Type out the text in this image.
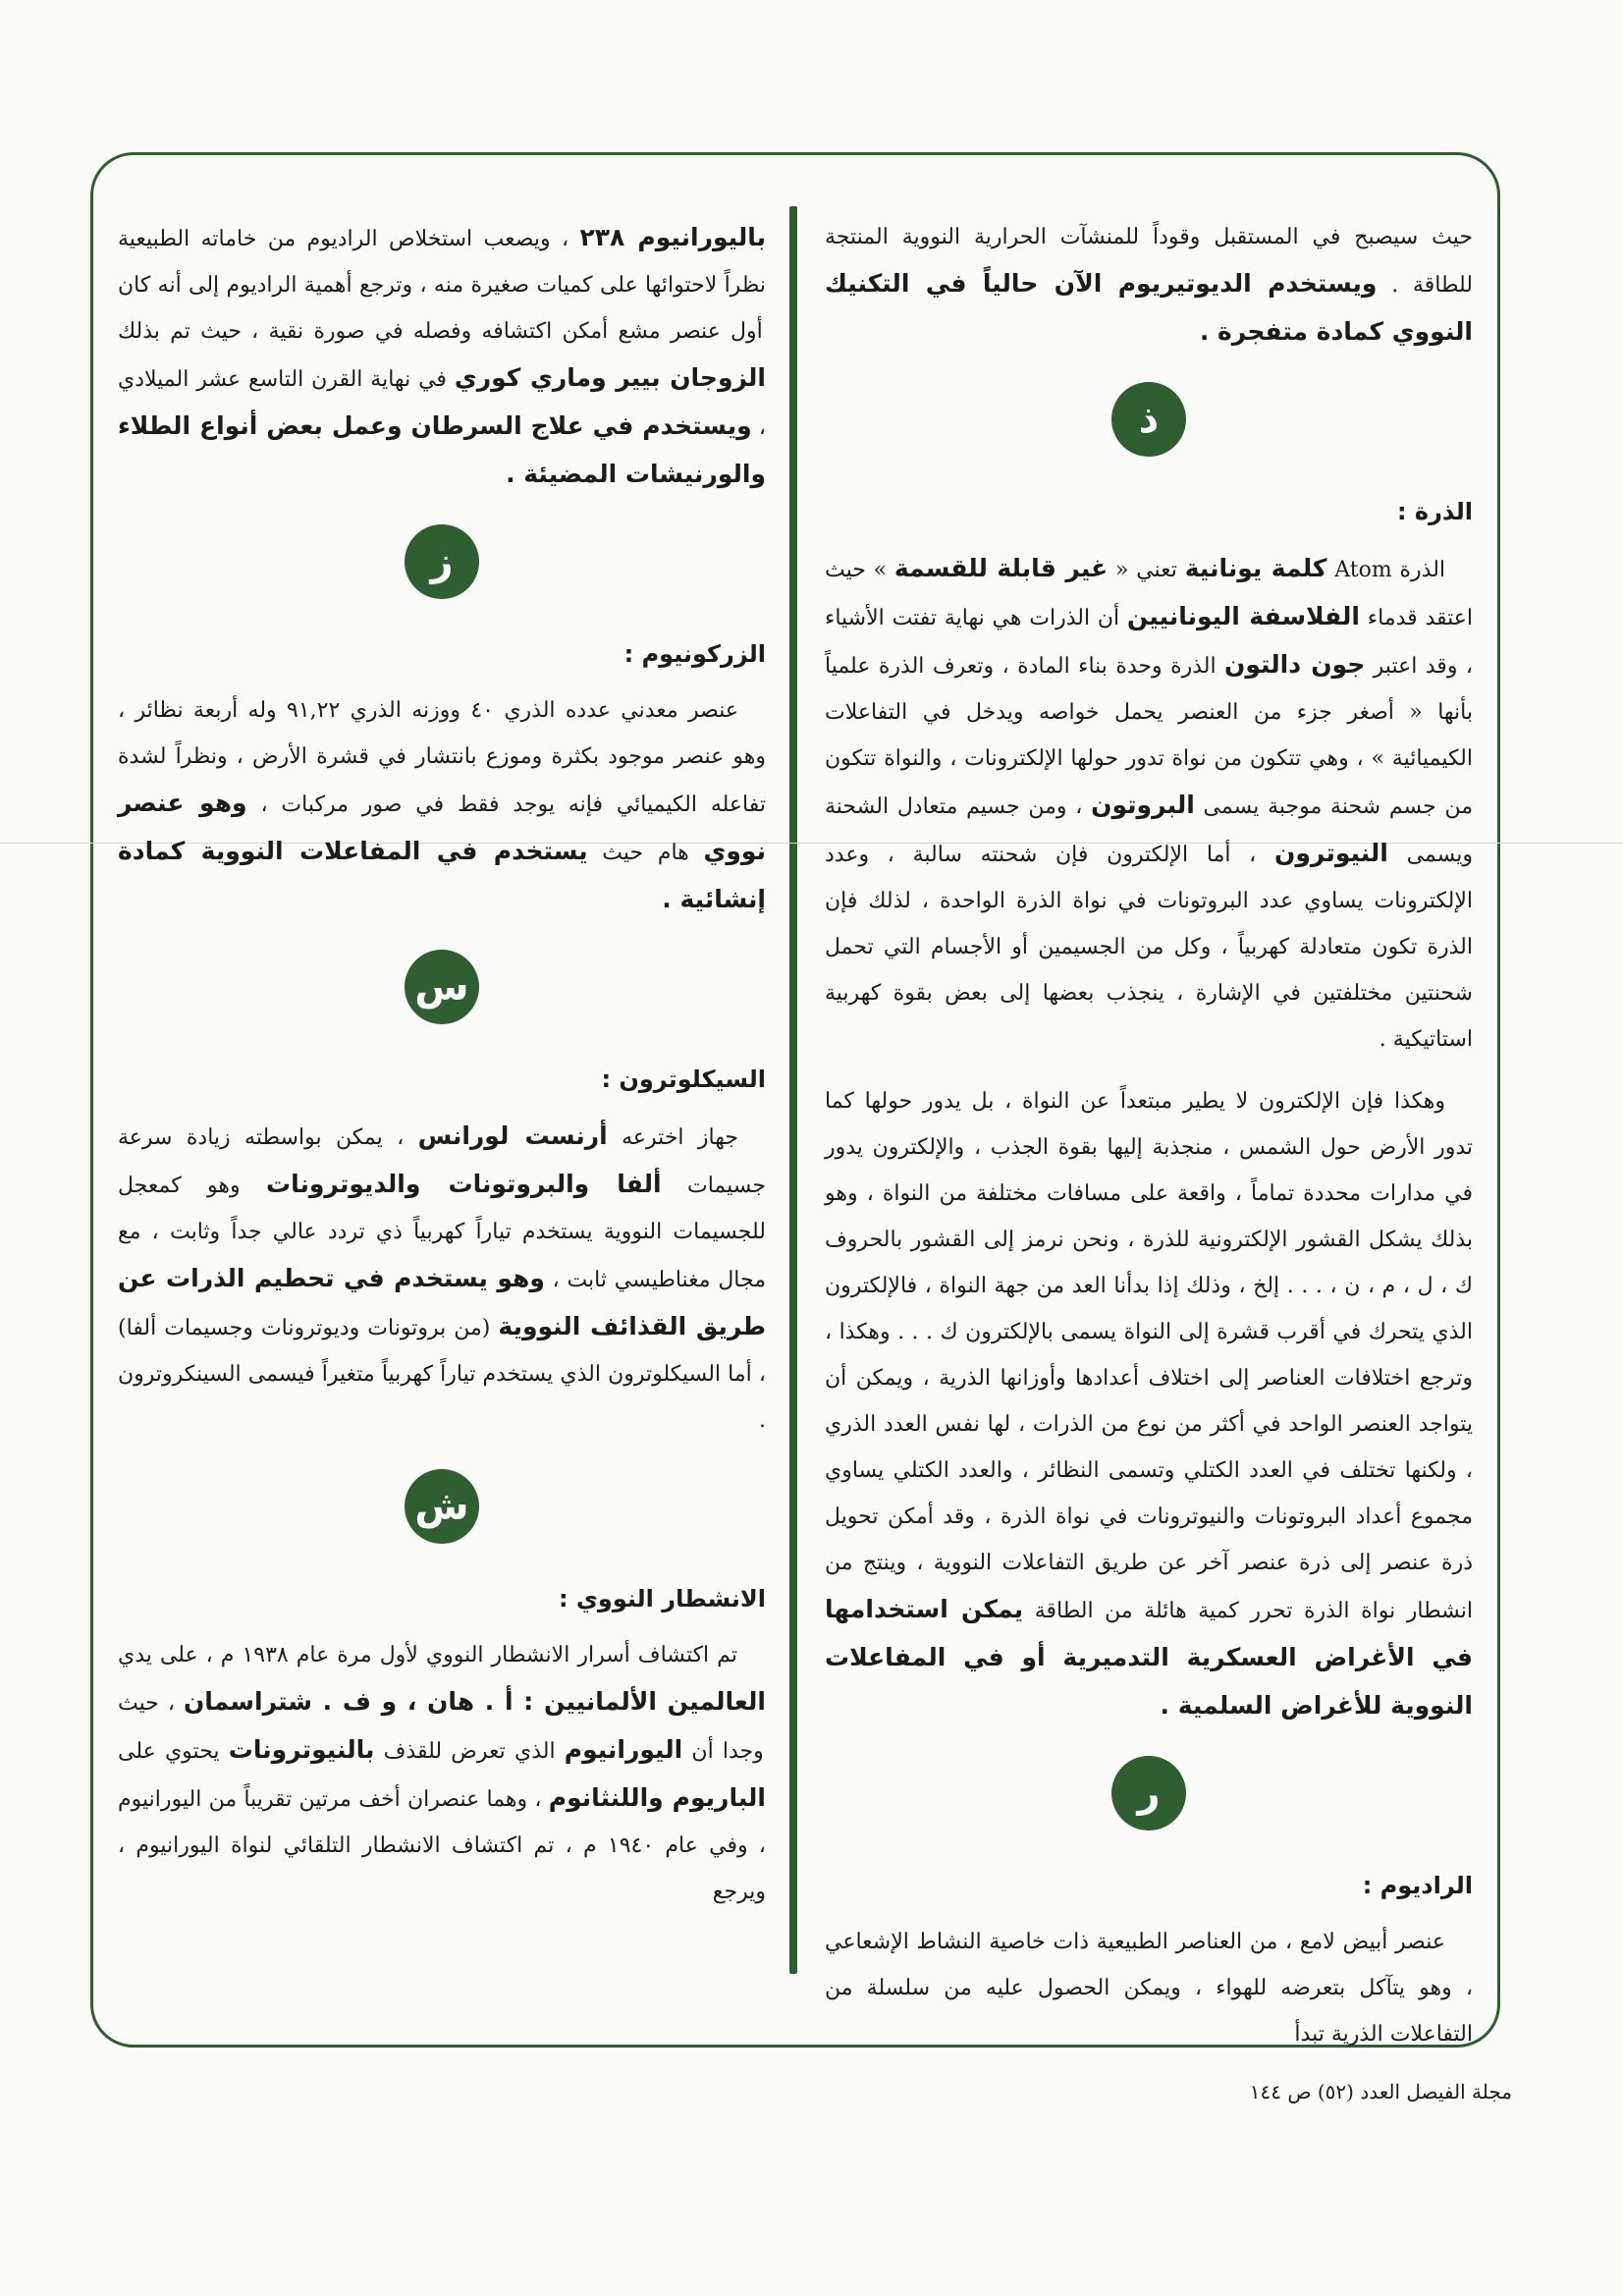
حيث سيصبح في المستقبل وقوداً للمنشآت الحرارية النووية المنتجة للطاقة . ويستخدم الديوتيريوم الآن حالياً في التكنيك النووي كمادة متفجرة .

ذ
الذرة :

الذرة Atom كلمة يونانية تعني « غير قابلة للقسمة » حيث اعتقد قدماء الفلاسفة اليونانيين أن الذرات هي نهاية تفتت الأشياء ، وقد اعتبر جون دالتون الذرة وحدة بناء المادة ، وتعرف الذرة علمياً بأنها « أصغر جزء من العنصر يحمل خواصه ويدخل في التفاعلات الكيميائية » ، وهي تتكون من نواة تدور حولها الإلكترونات ، والنواة تتكون من جسم شحنة موجبة يسمى البروتون ، ومن جسيم متعادل الشحنة ويسمى النيوترون ، أما الإلكترون فإن شحنته سالبة ، وعدد الإلكترونات يساوي عدد البروتونات في نواة الذرة الواحدة ، لذلك فإن الذرة تكون متعادلة كهربياً ، وكل من الجسيمين أو الأجسام التي تحمل شحنتين مختلفتين في الإشارة ، ينجذب بعضها إلى بعض بقوة كهربية استاتيكية .

وهكذا فإن الإلكترون لا يطير مبتعداً عن النواة ، بل يدور حولها كما تدور الأرض حول الشمس ، منجذبة إليها بقوة الجذب ، والإلكترون يدور في مدارات محددة تماماً ، واقعة على مسافات مختلفة من النواة ، وهو بذلك يشكل القشور الإلكترونية للذرة ، ونحن نرمز إلى القشور بالحروف ك ، ل ، م ، ن ، . . . إلخ ، وذلك إذا بدأنا العد من جهة النواة ، فالإلكترون الذي يتحرك في أقرب قشرة إلى النواة يسمى بالإلكترون ك . . . وهكذا ، وترجع اختلافات العناصر إلى اختلاف أعدادها وأوزانها الذرية ، ويمكن أن يتواجد العنصر الواحد في أكثر من نوع من الذرات ، لها نفس العدد الذري ، ولكنها تختلف في العدد الكتلي وتسمى النظائر ، والعدد الكتلي يساوي مجموع أعداد البروتونات والنيوترونات في نواة الذرة ، وقد أمكن تحويل ذرة عنصر إلى ذرة عنصر آخر عن طريق التفاعلات النووية ، وينتج من انشطار نواة الذرة تحرر كمية هائلة من الطاقة يمكن استخدامها في الأغراض العسكرية التدميرية أو في المفاعلات النووية للأغراض السلمية .

ر
الراديوم :

عنصر أبيض لامع ، من العناصر الطبيعية ذات خاصية النشاط الإشعاعي ، وهو يتآكل بتعرضه للهواء ، ويمكن الحصول عليه من سلسلة من التفاعلات الذرية تبدأ

باليورانيوم ٢٣٨ ، ويصعب استخلاص الراديوم من خاماته الطبيعية نظراً لاحتوائها على كميات صغيرة منه ، وترجع أهمية الراديوم إلى أنه كان أول عنصر مشع أمكن اكتشافه وفصله في صورة نقية ، حيث تم بذلك الزوجان بيير وماري كوري في نهاية القرن التاسع عشر الميلادي ، ويستخدم في علاج السرطان وعمل بعض أنواع الطلاء والورنيشات المضيئة .

ز
الزركونيوم :

عنصر معدني عدده الذري ٤٠ ووزنه الذري ٩١,٢٢ وله أربعة نظائر ، وهو عنصر موجود بكثرة وموزع بانتشار في قشرة الأرض ، ونظراً لشدة تفاعله الكيميائي فإنه يوجد فقط في صور مركبات ، وهو عنصر نووي هام حيث يستخدم في المفاعلات النووية كمادة إنشائية .

س
السيكلوترون :

جهاز اخترعه أرنست لورانس ، يمكن بواسطته زيادة سرعة جسيمات ألفا والبروتونات والديوترونات وهو كمعجل للجسيمات النووية يستخدم تياراً كهربياً ذي تردد عالي جداً وثابت ، مع مجال مغناطيسي ثابت ، وهو يستخدم في تحطيم الذرات عن طريق القذائف النووية (من بروتونات وديوترونات وجسيمات ألفا) ، أما السيكلوترون الذي يستخدم تياراً كهربياً متغيراً فيسمى السينكروترون .

ش
الانشطار النووي :

تم اكتشاف أسرار الانشطار النووي لأول مرة عام ١٩٣٨ م ، على يدي العالمين الألمانيين : أ . هان ، و ف . شتراسمان ، حيث وجدا أن اليورانيوم الذي تعرض للقذف بالنيوترونات يحتوي على الباريوم واللنثانوم ، وهما عنصران أخف مرتين تقريباً من اليورانيوم ، وفي عام ١٩٤٠ م ، تم اكتشاف الانشطار التلقائي لنواة اليورانيوم ، ويرجع

مجلة الفيصل العدد (٥٢) ص ١٤٤
